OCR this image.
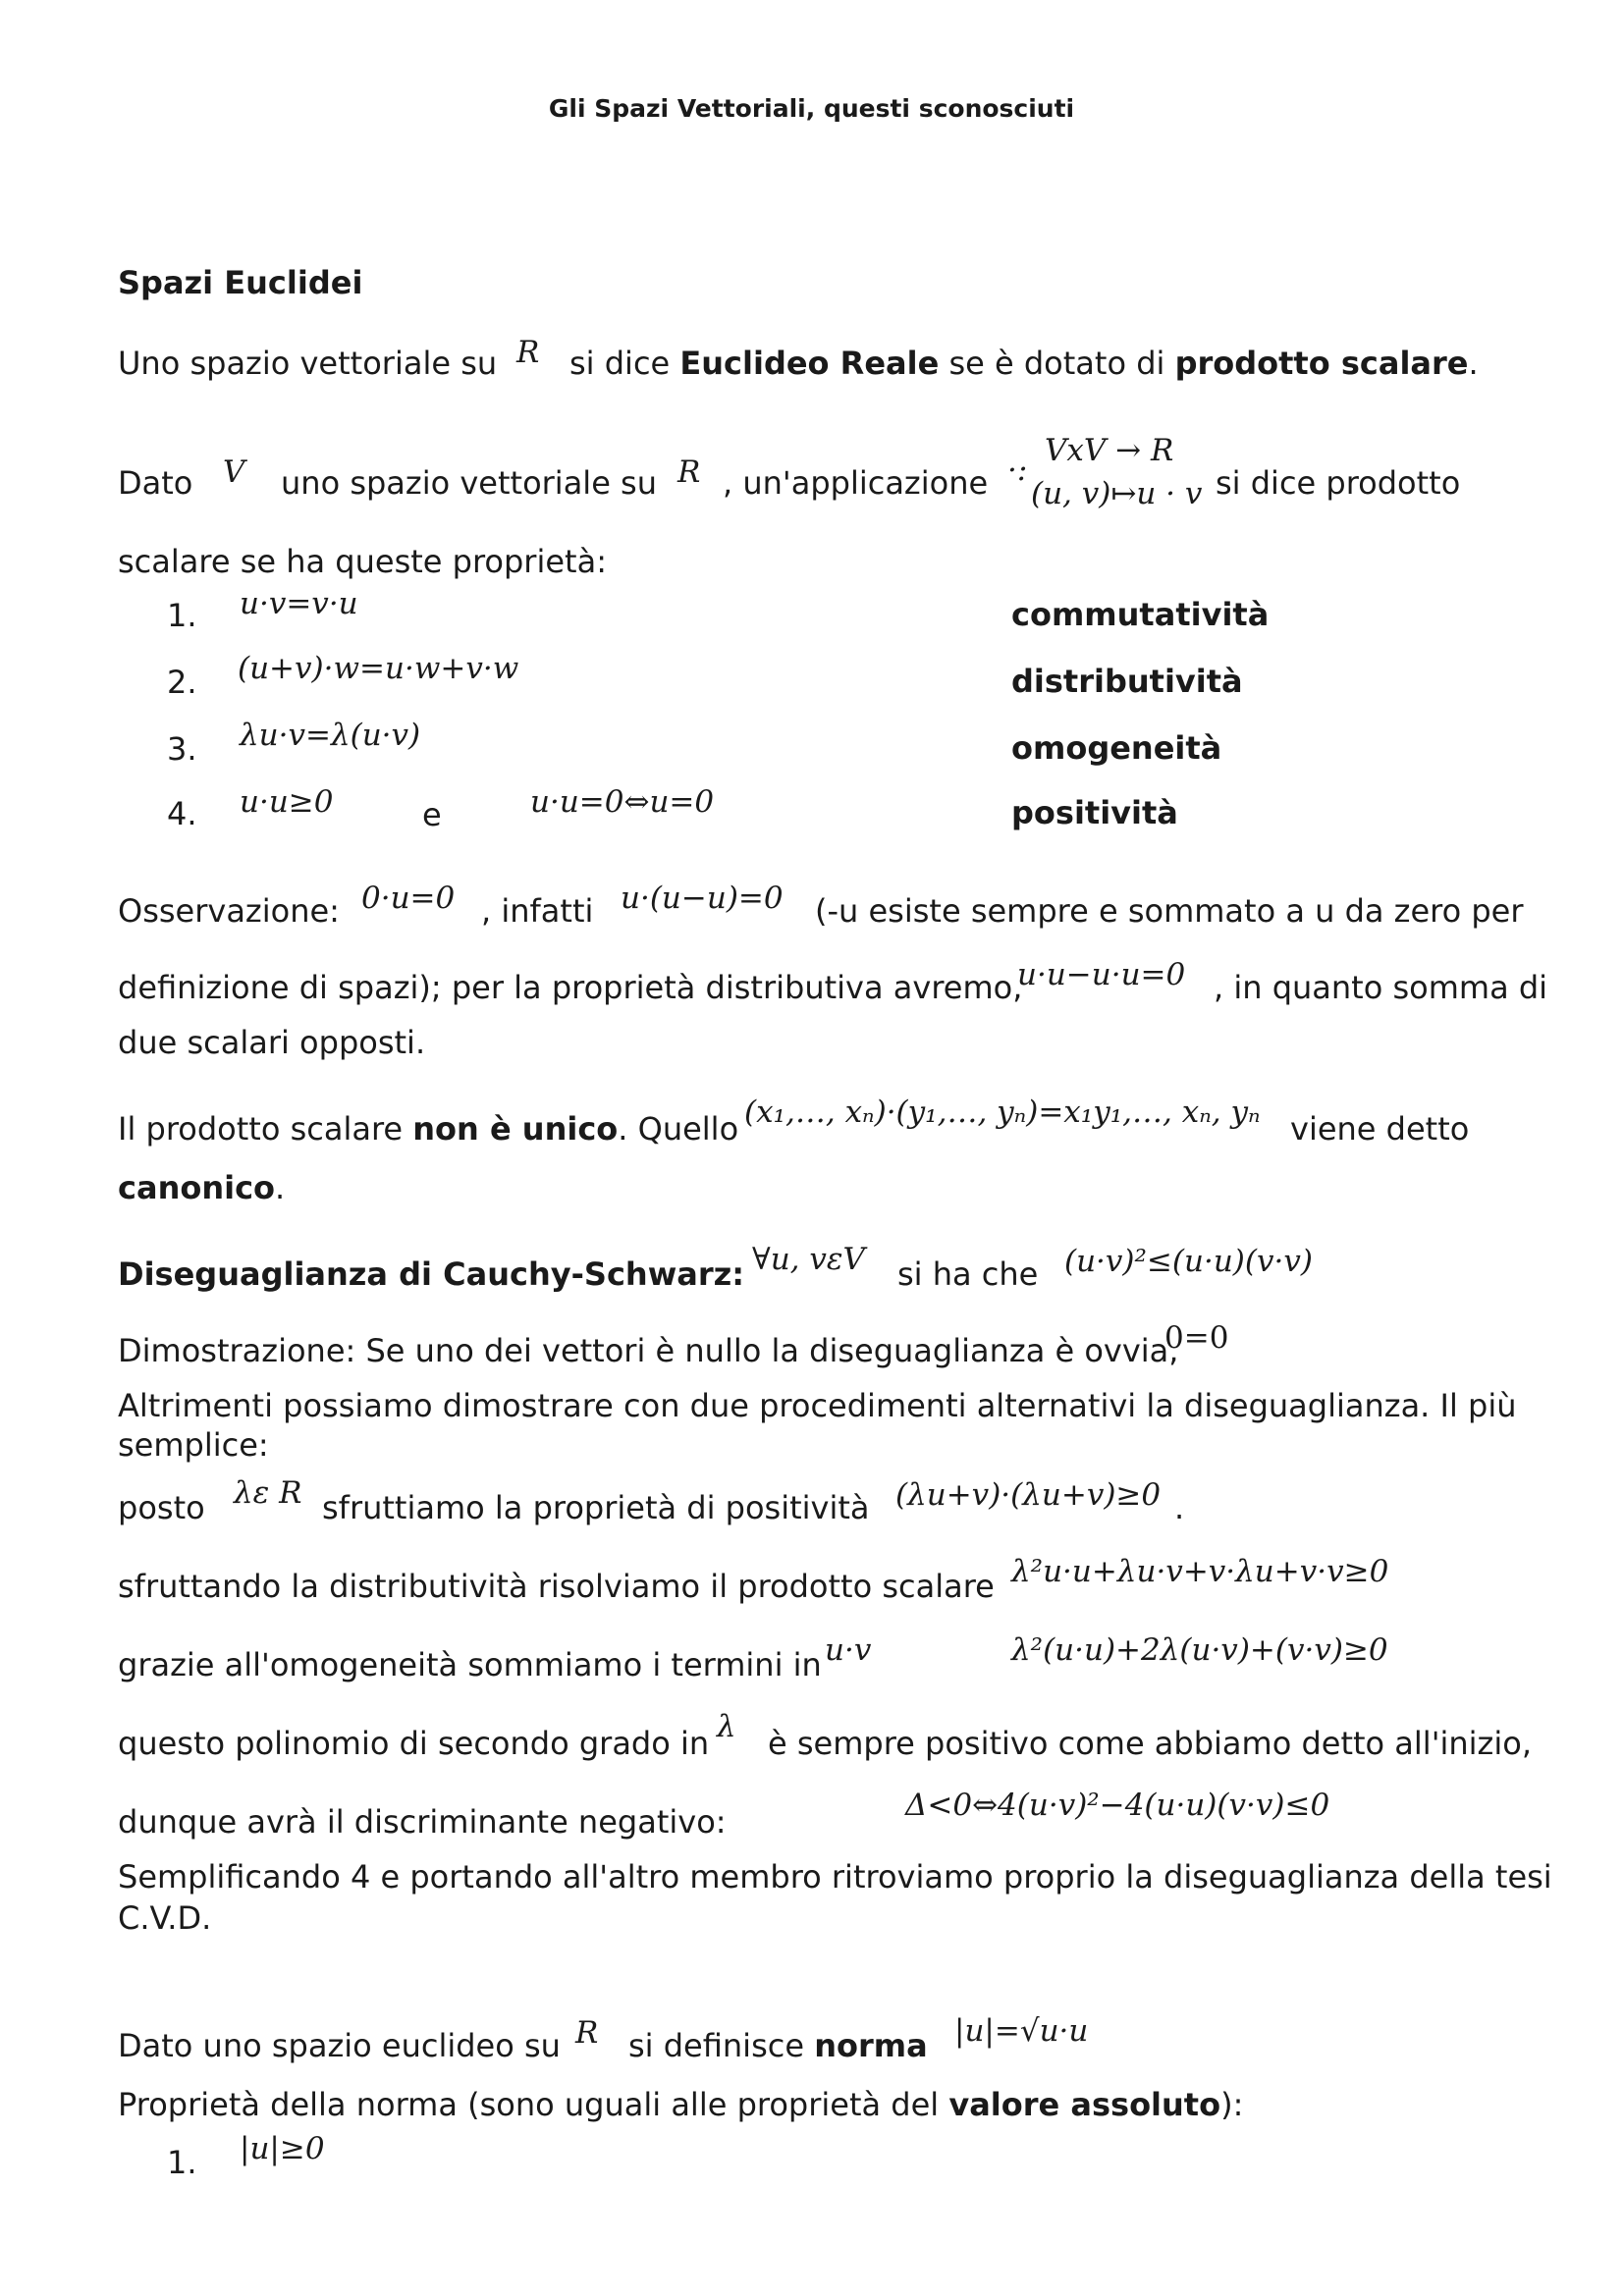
Gli Spazi Vettoriali, questi sconosciuti
Spazi Euclidei
Uno spazio vettoriale su R si dice Euclideo Reale se è dotato di prodotto scalare.
Dato V uno spazio vettoriale su R , un'applicazione ·:
VxV → R
(u, v)↦u · v si dice prodotto
scalare se ha queste proprietà:
1. u·v=v·u	commutatività
2. (u+v)·w=u·w+v·w	distributività
3. λu·v=λ(u·v)	omogeneità
4. u·u≥0	e	u·u=0⇔u=0	positività
Osservazione: 0·u=0 , infatti u·(u−u)=0 (-u esiste sempre e sommato a u da zero per
definizione di spazi); per la proprietà distributiva avremo,
u·u−u·u=0 , in quanto somma di
due scalari opposti.
Il prodotto scalare non è unico. Quello (x₁,…, xₙ)·(y₁,…, yₙ)=x₁y₁,…, xₙ, yₙ viene detto
canonico.
Diseguaglianza di Cauchy-Schwarz: ∀u, vεV si ha che (u·v)²≤(u·u)(v·v)
Dimostrazione: Se uno dei vettori è nullo la diseguaglianza è ovvia,
0=0
Altrimenti possiamo dimostrare con due procedimenti alternativi la diseguaglianza. Il più
semplice:
posto λε R sfruttiamo la proprietà di positività (λu+v)·(λu+v)≥0 .
sfruttando la distributività risolviamo il prodotto scalare λ²u·u+λu·v+v·λu+v·v≥0
grazie all'omogeneità sommiamo i termini in u·v	λ²(u·u)+2λ(u·v)+(v·v)≥0
questo polinomio di secondo grado in λ è sempre positivo come abbiamo detto all'inizio,
dunque avrà il discriminante negativo:	Δ<0⇔4(u·v)²−4(u·u)(v·v)≤0
Semplificando 4 e portando all'altro membro ritroviamo proprio la diseguaglianza della tesi
C.V.D.
Dato uno spazio euclideo su R si definisce norma |u|=√u·u
Proprietà della norma (sono uguali alle proprietà del valore assoluto):
1. |u|≥0
